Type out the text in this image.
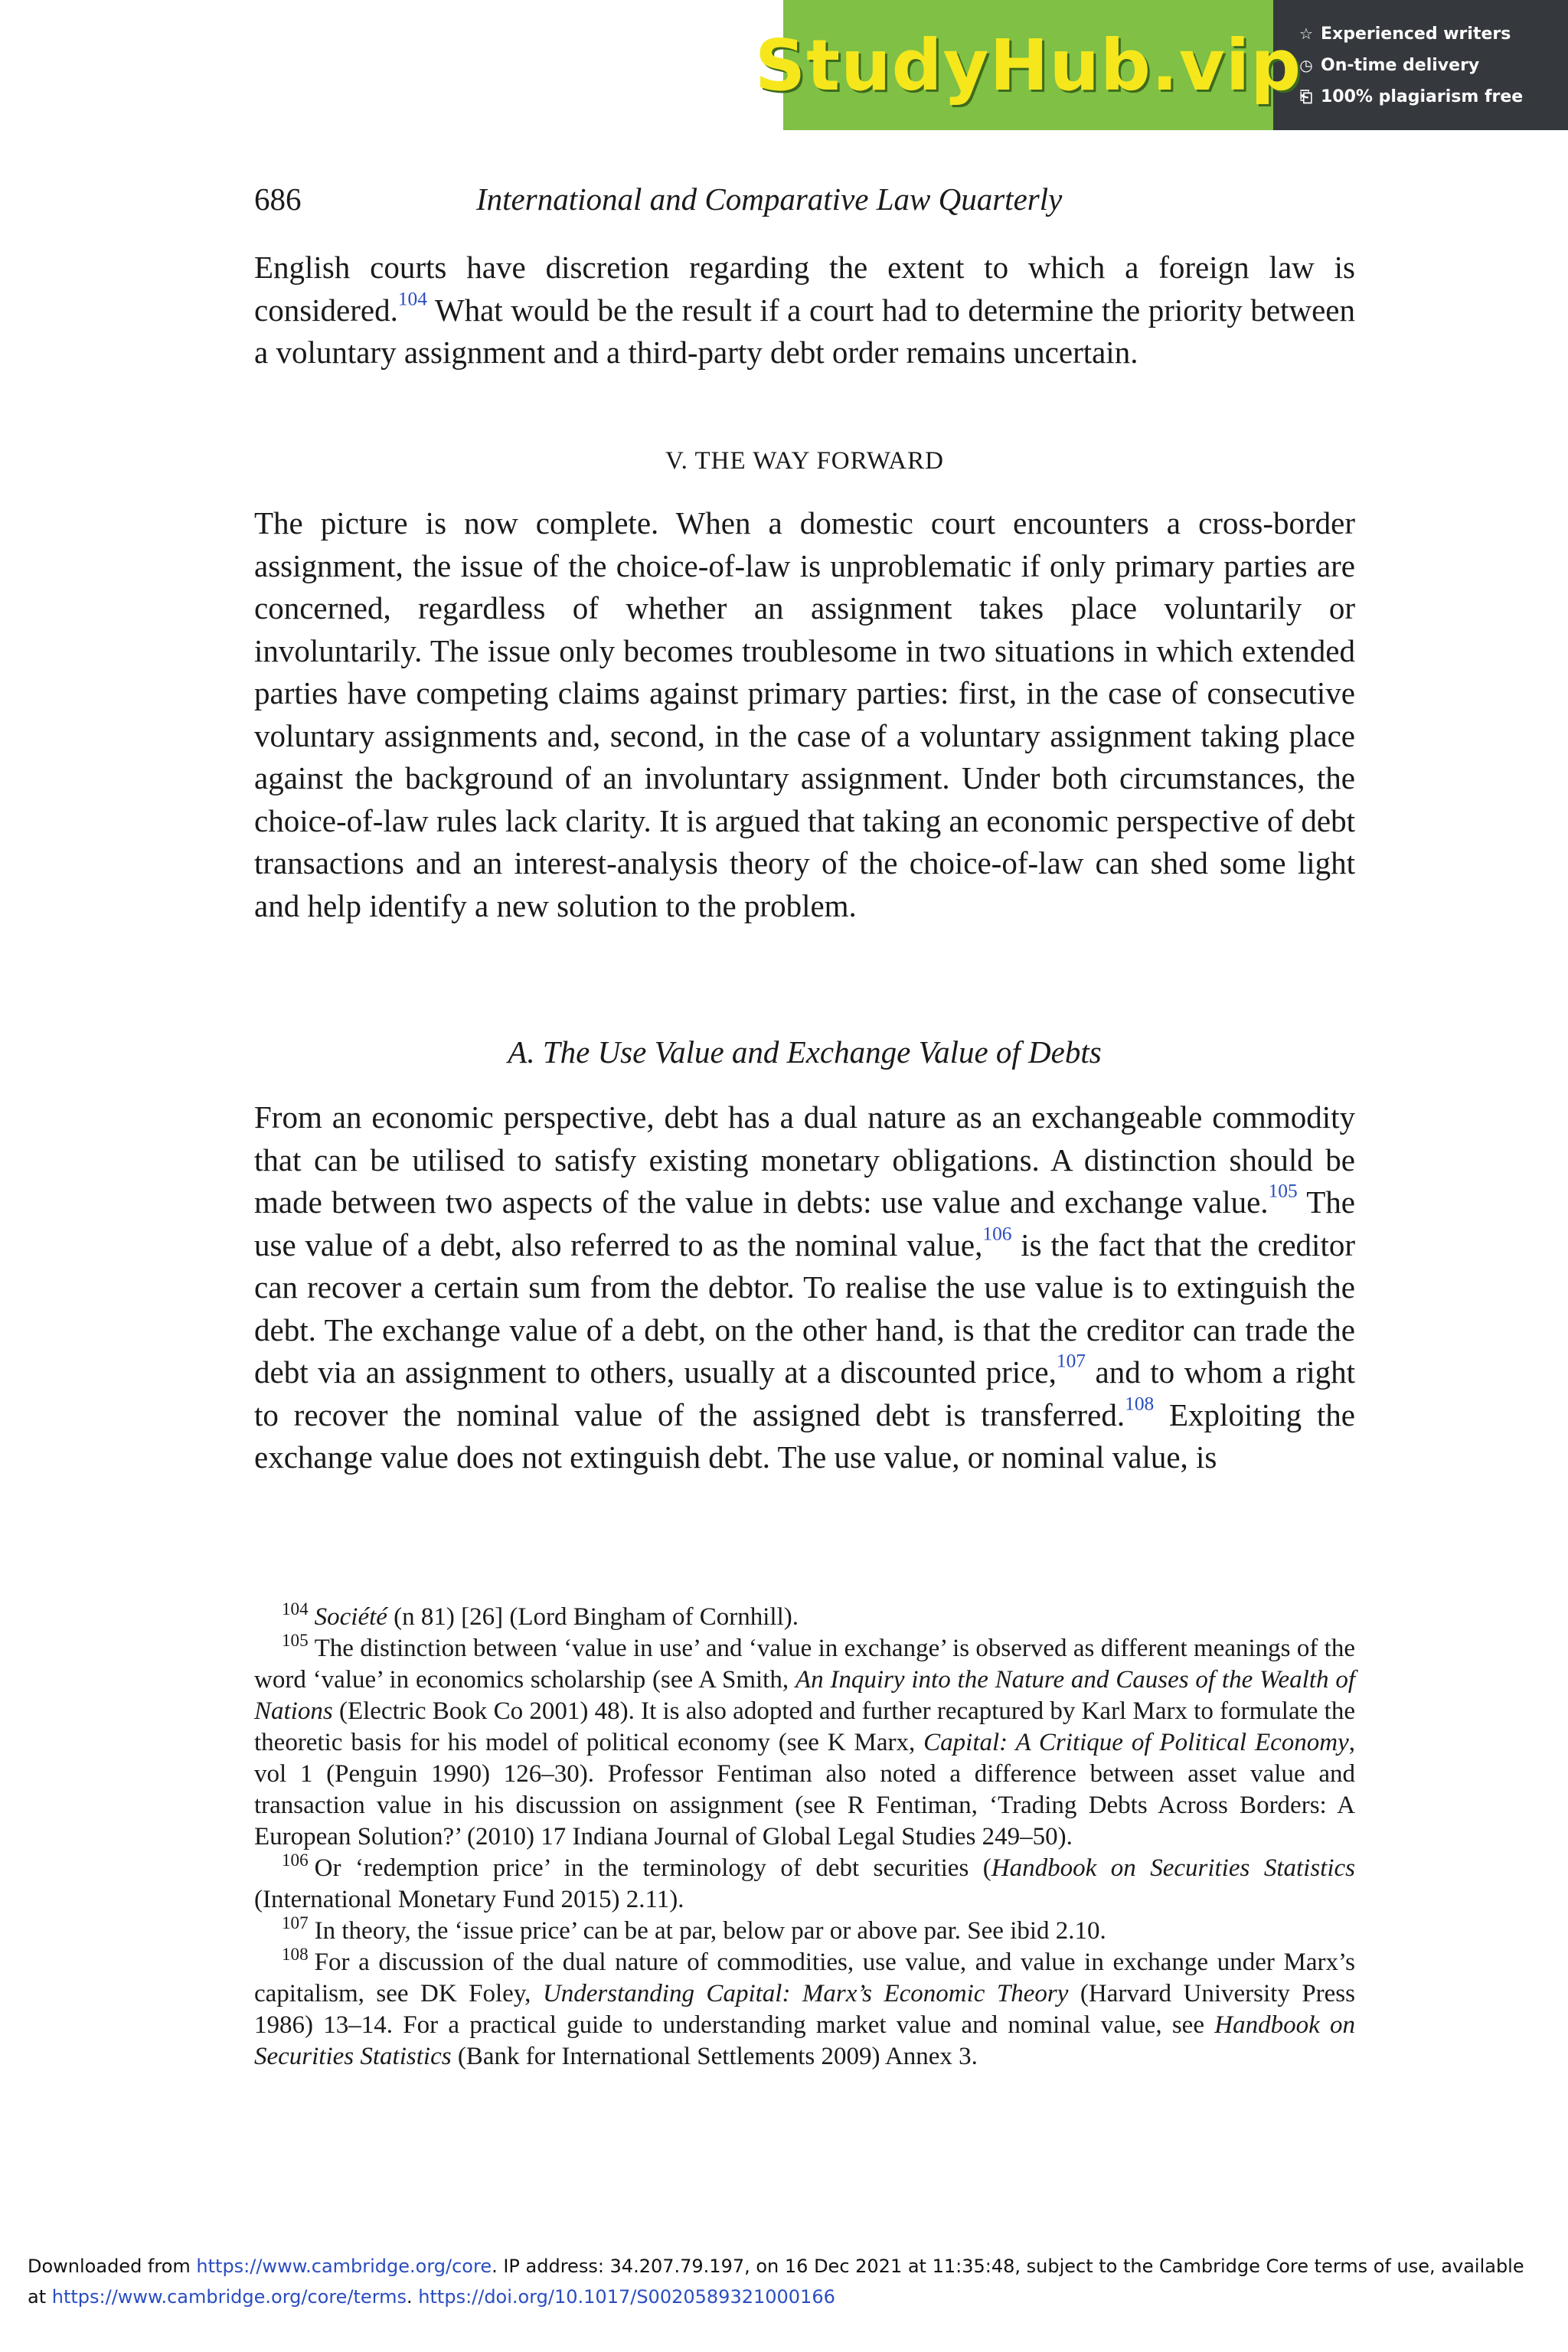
StudyHub.vip
☆ Experienced writers
◷ On-time delivery
⎗ 100% plagiarism free
686	International and Comparative Law Quarterly

English courts have discretion regarding the extent to which a foreign law is considered.$^{104}$ What would be the result if a court had to determine the priority between a voluntary assignment and a third-party debt order remains uncertain.

V. THE WAY FORWARD

The picture is now complete. When a domestic court encounters a cross-border assignment, the issue of the choice-of-law is unproblematic if only primary parties are concerned, regardless of whether an assignment takes place voluntarily or involuntarily. The issue only becomes troublesome in two situations in which extended parties have competing claims against primary parties: first, in the case of consecutive voluntary assignments and, second, in the case of a voluntary assignment taking place against the background of an involuntary assignment. Under both circumstances, the choice-of-law rules lack clarity. It is argued that taking an economic perspective of debt transactions and an interest-analysis theory of the choice-of-law can shed some light and help identify a new solution to the problem.

A. The Use Value and Exchange Value of Debts

From an economic perspective, debt has a dual nature as an exchangeable commodity that can be utilised to satisfy existing monetary obligations. A distinction should be made between two aspects of the value in debts: use value and exchange value.$^{105}$ The use value of a debt, also referred to as the nominal value,$^{106}$ is the fact that the creditor can recover a certain sum from the debtor. To realise the use value is to extinguish the debt. The exchange value of a debt, on the other hand, is that the creditor can trade the debt via an assignment to others, usually at a discounted price,$^{107}$ and to whom a right to recover the nominal value of the assigned debt is transferred.$^{108}$ Exploiting the exchange value does not extinguish debt. The use value, or nominal value, is

$^{104}$ Société (n 81) [26] (Lord Bingham of Cornhill).

$^{105}$ The distinction between ‘value in use’ and ‘value in exchange’ is observed as different meanings of the word ‘value’ in economics scholarship (see A Smith, An Inquiry into the Nature and Causes of the Wealth of Nations (Electric Book Co 2001) 48). It is also adopted and further recaptured by Karl Marx to formulate the theoretic basis for his model of political economy (see K Marx, Capital: A Critique of Political Economy, vol 1 (Penguin 1990) 126–30). Professor Fentiman also noted a difference between asset value and transaction value in his discussion on assignment (see R Fentiman, ‘Trading Debts Across Borders: A European Solution?’ (2010) 17 Indiana Journal of Global Legal Studies 249–50).

$^{106}$ Or ‘redemption price’ in the terminology of debt securities (Handbook on Securities Statistics (International Monetary Fund 2015) 2.11).

$^{107}$ In theory, the ‘issue price’ can be at par, below par or above par. See ibid 2.10.

$^{108}$ For a discussion of the dual nature of commodities, use value, and value in exchange under Marx’s capitalism, see DK Foley, Understanding Capital: Marx’s Economic Theory (Harvard University Press 1986) 13–14. For a practical guide to understanding market value and nominal value, see Handbook on Securities Statistics (Bank for International Settlements 2009) Annex 3.

Downloaded from https://www.cambridge.org/core. IP address: 34.207.79.197, on 16 Dec 2021 at 11:35:48, subject to the Cambridge Core terms of use, available at https://www.cambridge.org/core/terms. https://doi.org/10.1017/S0020589321000166
